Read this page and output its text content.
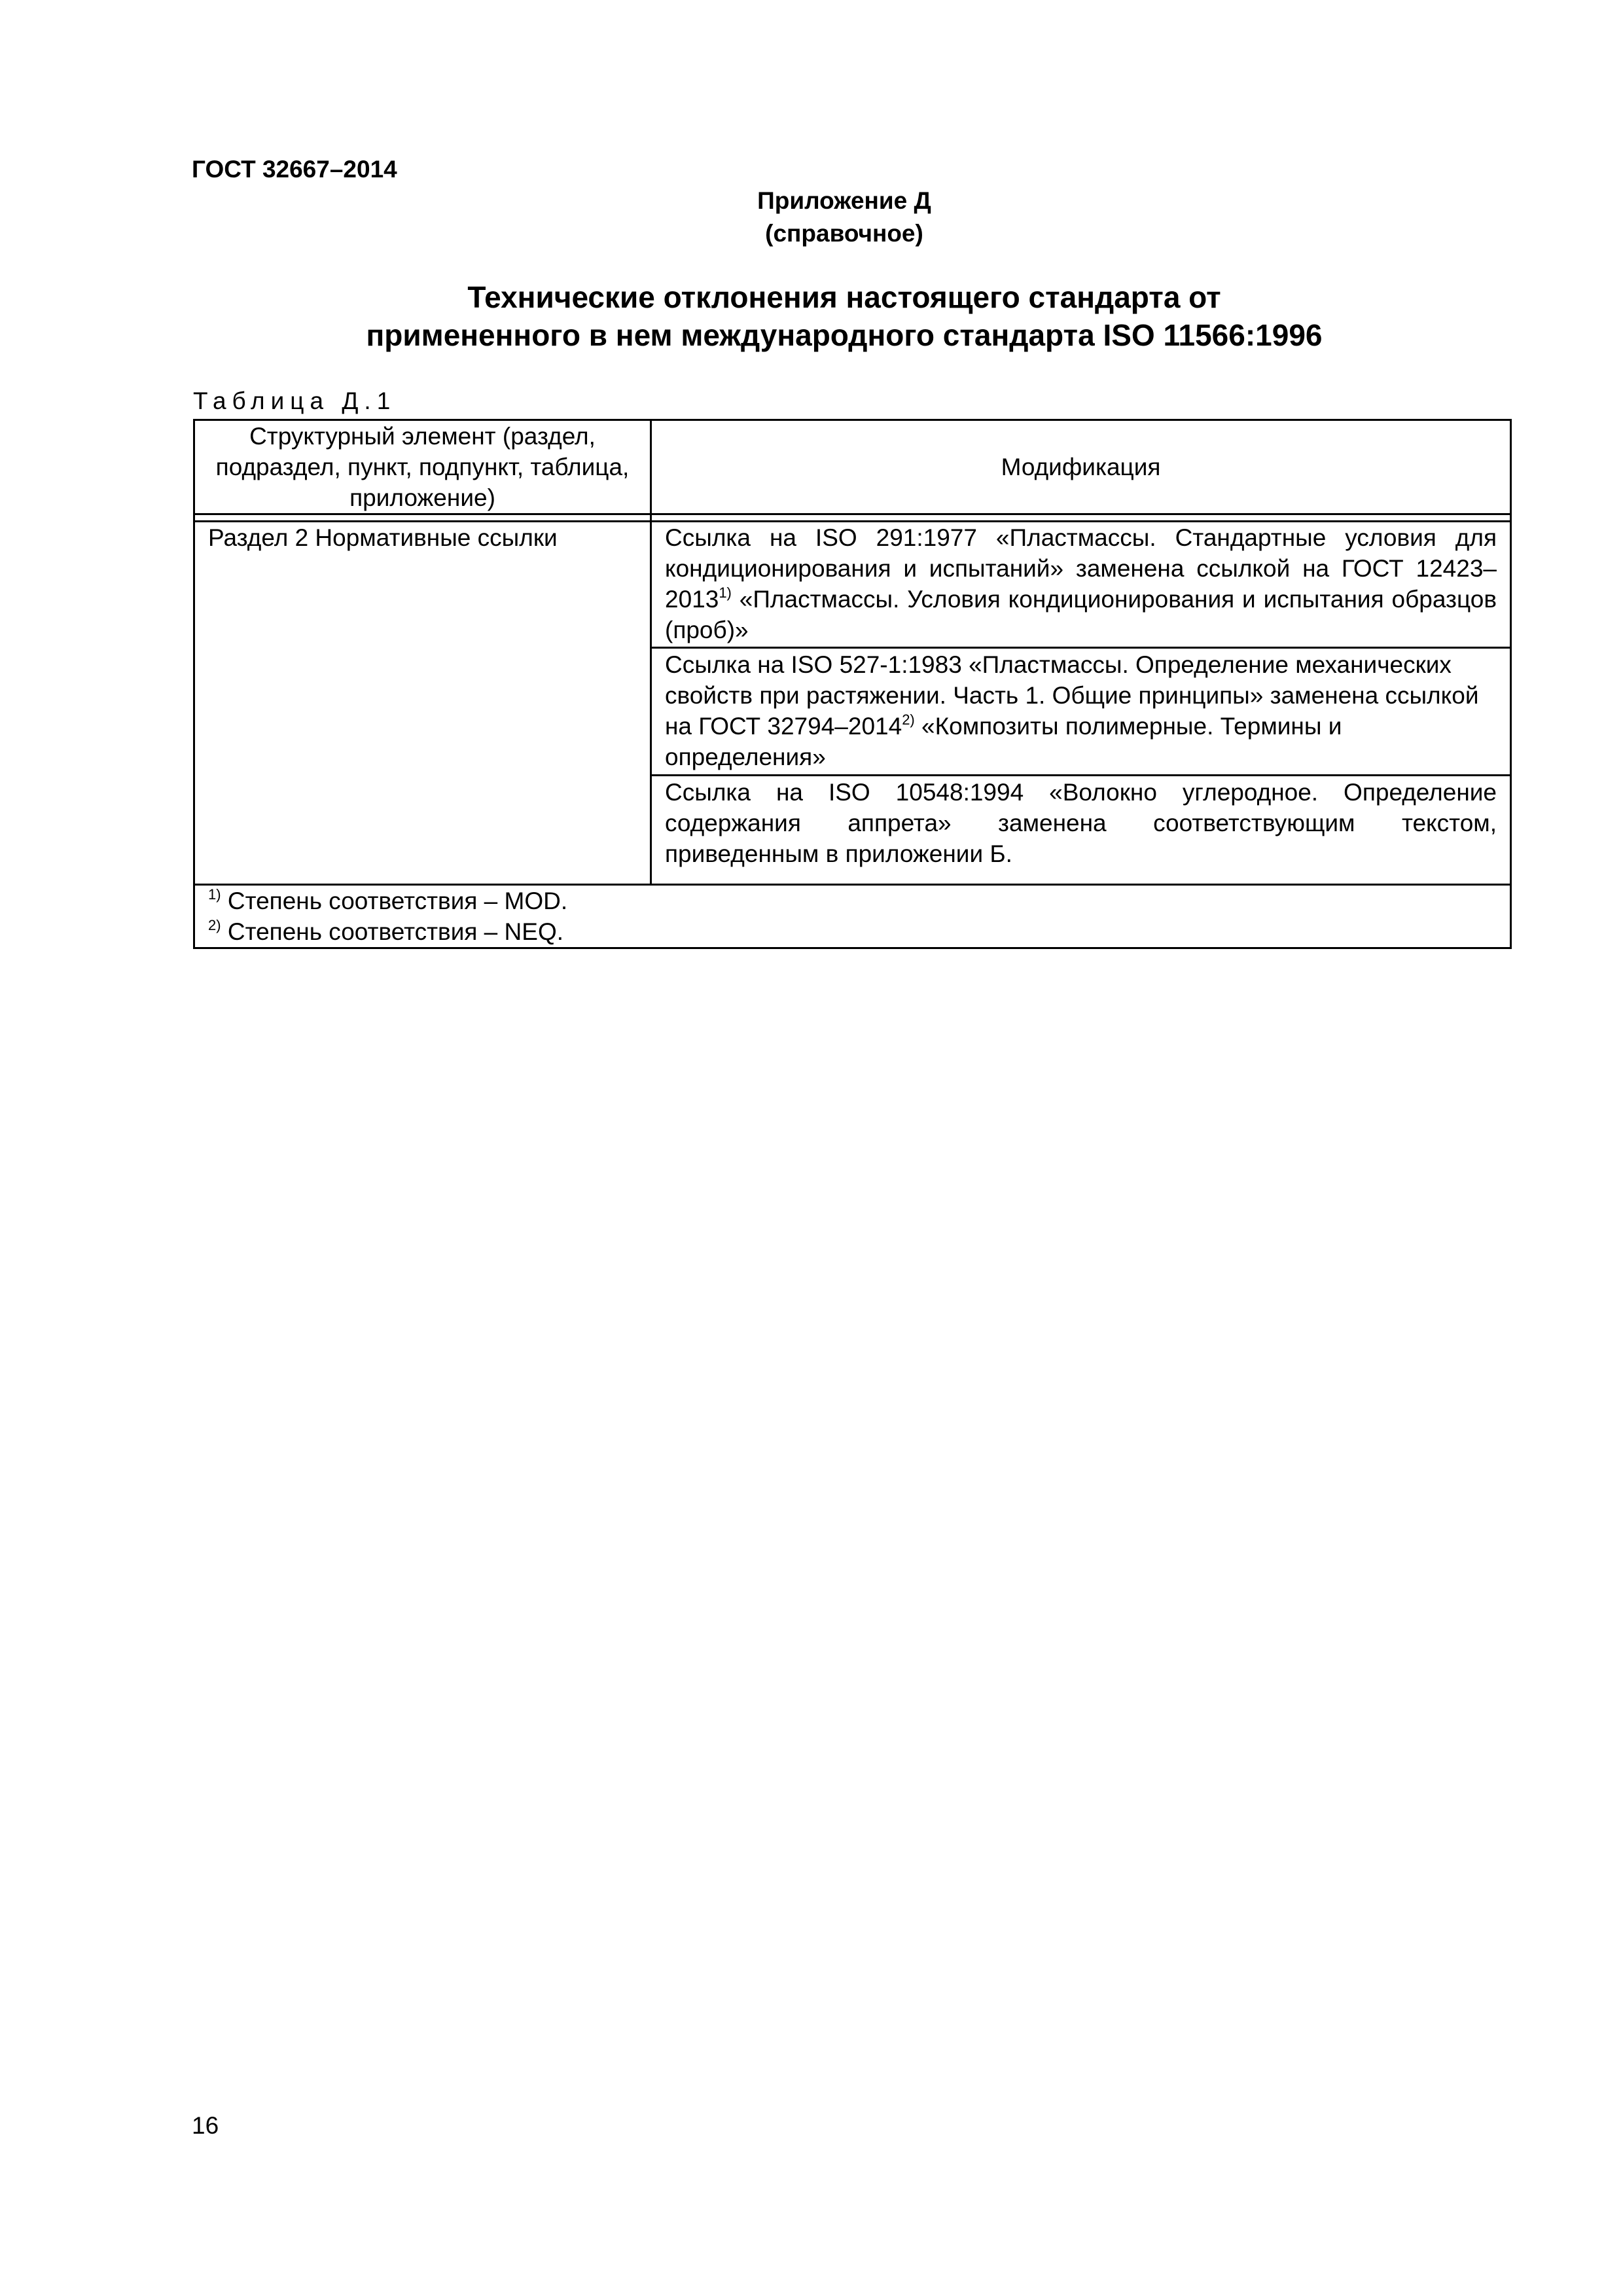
ГОСТ 32667–2014
Приложение Д
(справочное)
Технические отклонения настоящего стандарта от
примененного в нем международного стандарта ISO 11566:1996
Таблица Д.1
Структурный элемент (раздел, подраздел, пункт, подпункт, таблица, приложение)
Модификация
Раздел 2 Нормативные ссылки	Ссылка на ISO 291:1977 «Пластмассы. Стандартные условия для кондиционирования и испытаний» заменена ссылкой на ГОСТ 12423–2013$^{1)}$ «Пластмассы. Условия кондиционирования и испытания образцов (проб)»
Ссылка на ISO 527-1:1983 «Пластмассы. Определение механических свойств при растяжении. Часть 1. Общие принципы» заменена ссылкой на ГОСТ 32794–2014$^{2)}$ «Композиты полимерные. Термины и определения»
Ссылка на ISO 10548:1994 «Волокно углеродное. Определение содержания аппрета» заменена соответствующим текстом, приведенным в приложении Б.
$^{1)}$ Степень соответствия – MOD.
$^{2)}$ Степень соответствия – NEQ.
16
